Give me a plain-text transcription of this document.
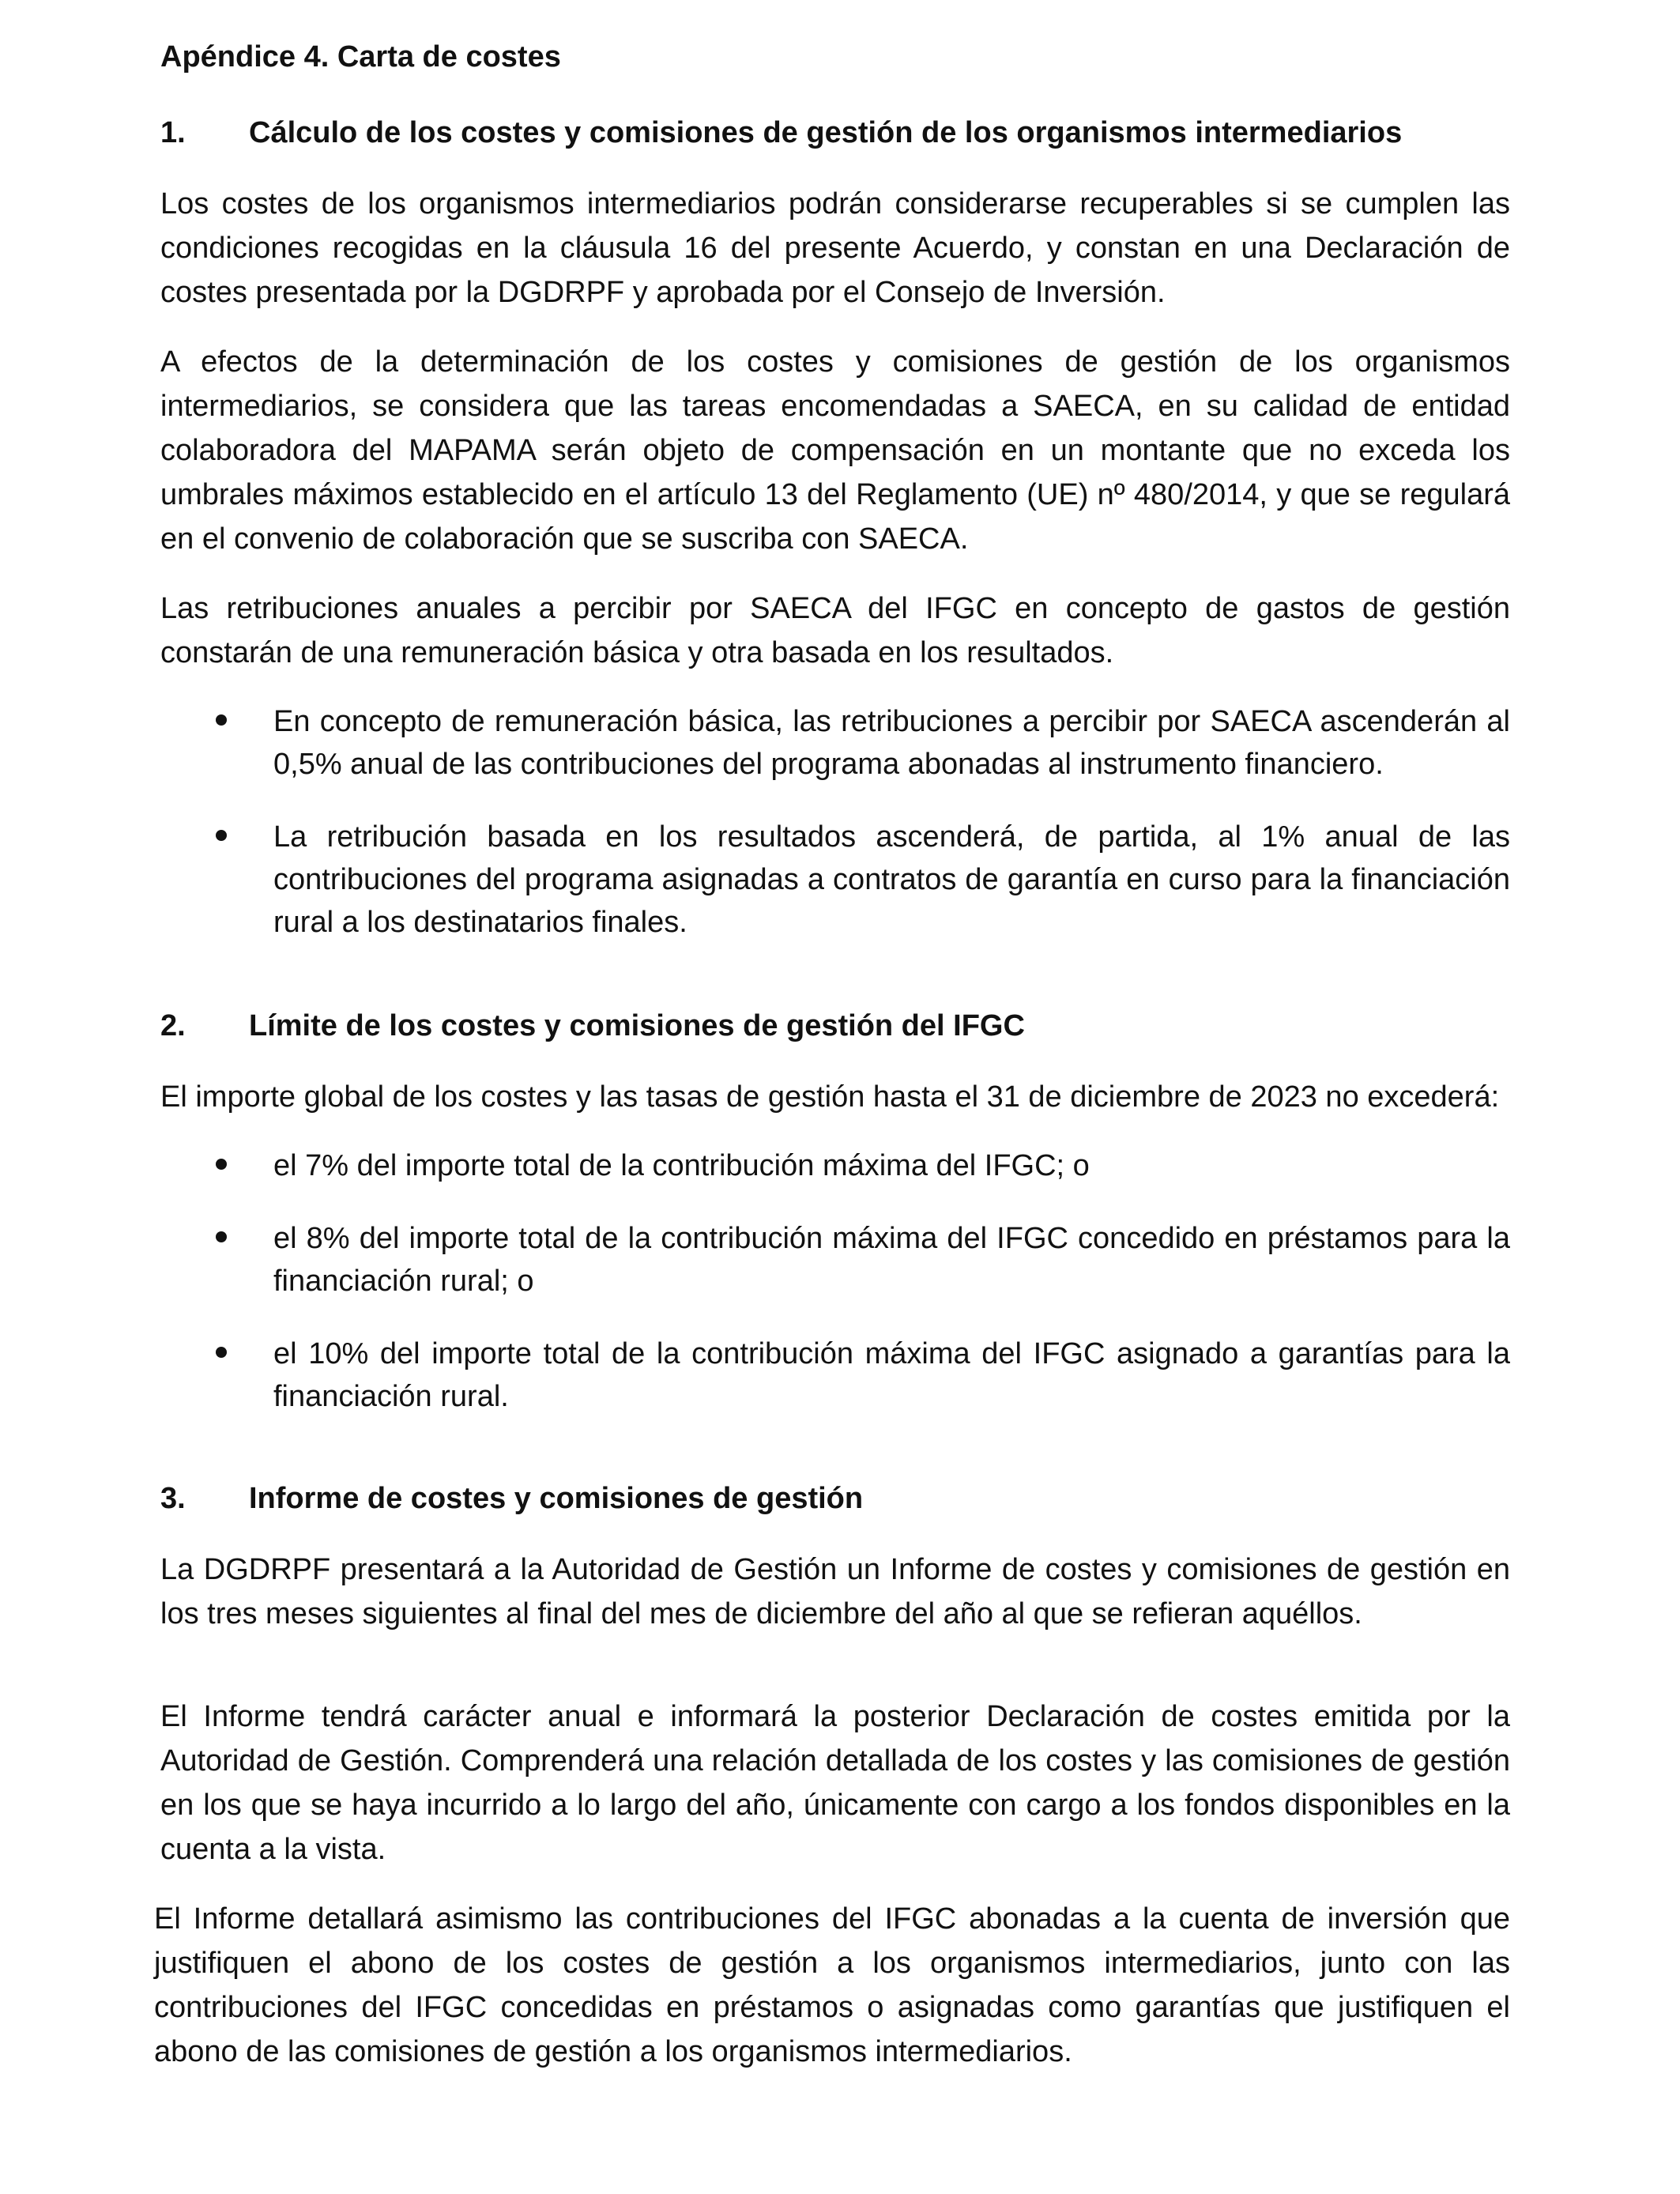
Apéndice 4. Carta de costes
1.	Cálculo de los costes y comisiones de gestión de los organismos intermediarios

Los costes de los organismos intermediarios podrán considerarse recuperables si se cumplen las condiciones recogidas en la cláusula 16 del presente Acuerdo, y constan en una Declaración de costes presentada por la DGDRPF y aprobada por el Consejo de Inversión.

A efectos de la determinación de los costes y comisiones de gestión de los organismos intermediarios, se considera que las tareas encomendadas a SAECA, en su calidad de entidad colaboradora del MAPAMA serán objeto de compensación en un montante que no exceda los umbrales máximos establecido en el artículo 13 del Reglamento (UE) nº 480/2014, y que se regulará en el convenio de colaboración que se suscriba con SAECA.

Las retribuciones anuales a percibir por SAECA del IFGC en concepto de gastos de gestión constarán de una remuneración básica y otra basada en los resultados.

En concepto de remuneración básica, las retribuciones a percibir por SAECA ascenderán al 0,5% anual de las contribuciones del programa abonadas al instrumento financiero.
La retribución basada en los resultados ascenderá, de partida, al 1% anual de las contribuciones del programa asignadas a contratos de garantía en curso para la financiación rural a los destinatarios finales.
2.	Límite de los costes y comisiones de gestión del IFGC

El importe global de los costes y las tasas de gestión hasta el 31 de diciembre de 2023 no excederá:

el 7% del importe total de la contribución máxima del IFGC; o
el 8% del importe total de la contribución máxima del IFGC concedido en préstamos para la financiación rural; o
el 10% del importe total de la contribución máxima del IFGC asignado a garantías para la financiación rural.
3.	Informe de costes y comisiones de gestión

La DGDRPF presentará a la Autoridad de Gestión un Informe de costes y comisiones de gestión en los tres meses siguientes al final del mes de diciembre del año al que se refieran aquéllos.

El Informe tendrá carácter anual e informará la posterior Declaración de costes emitida por la Autoridad de Gestión. Comprenderá una relación detallada de los costes y las comisiones de gestión en los que se haya incurrido a lo largo del año, únicamente con cargo a los fondos disponibles en la cuenta a la vista.

El Informe detallará asimismo las contribuciones del IFGC abonadas a la cuenta de inversión que justifiquen el abono de los costes de gestión a los organismos intermediarios, junto con las contribuciones del IFGC concedidas en préstamos o asignadas como garantías que justifiquen el abono de las comisiones de gestión a los organismos intermediarios.
